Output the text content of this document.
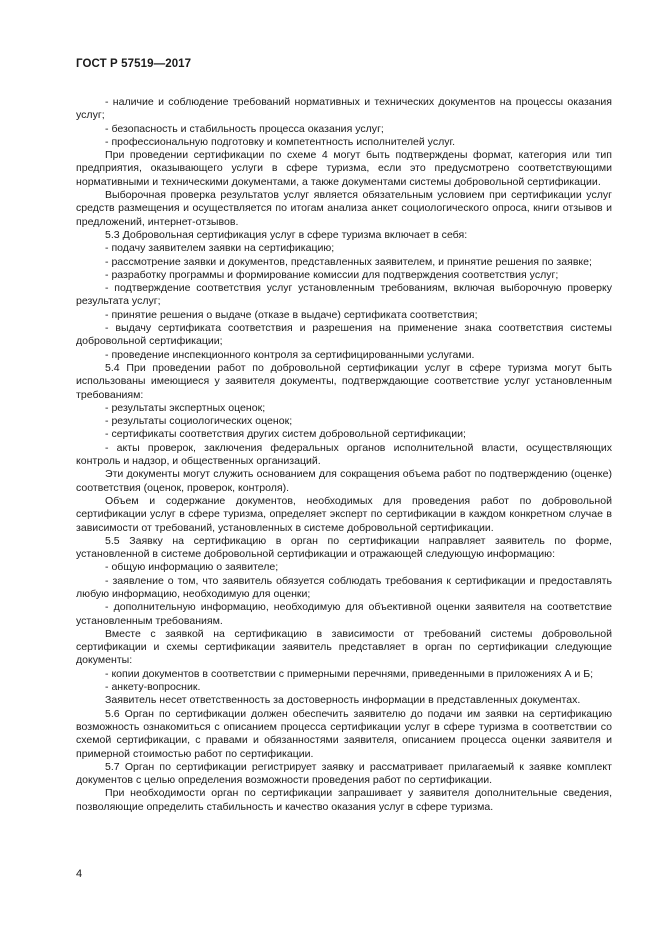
ГОСТ Р 57519—2017

- наличие и соблюдение требований нормативных и технических документов на процессы оказания услуг;

- безопасность и стабильность процесса оказания услуг;

- профессиональную подготовку и компетентность исполнителей услуг.

При проведении сертификации по схеме 4 могут быть подтверждены формат, категория или тип предприятия, оказывающего услуги в сфере туризма, если это предусмотрено соответствующими нормативными и техническими документами, а также документами системы добровольной сертификации.

Выборочная проверка результатов услуг является обязательным условием при сертификации услуг средств размещения и осуществляется по итогам анализа анкет социологического опроса, книги отзывов и предложений, интернет-отзывов.

5.3 Добровольная сертификация услуг в сфере туризма включает в себя:

- подачу заявителем заявки на сертификацию;

- рассмотрение заявки и документов, представленных заявителем, и принятие решения по заявке;

- разработку программы и формирование комиссии для подтверждения соответствия услуг;

- подтверждение соответствия услуг установленным требованиям, включая выборочную проверку результата услуг;

- принятие решения о выдаче (отказе в выдаче) сертификата соответствия;

- выдачу сертификата соответствия и разрешения на применение знака соответствия системы добровольной сертификации;

- проведение инспекционного контроля за сертифицированными услугами.

5.4 При проведении работ по добровольной сертификации услуг в сфере туризма могут быть использованы имеющиеся у заявителя документы, подтверждающие соответствие услуг установленным требованиям:

- результаты экспертных оценок;

- результаты социологических оценок;

- сертификаты соответствия других систем добровольной сертификации;

- акты проверок, заключения федеральных органов исполнительной власти, осуществляющих контроль и надзор, и общественных организаций.

Эти документы могут служить основанием для сокращения объема работ по подтверждению (оценке) соответствия (оценок, проверок, контроля).

Объем и содержание документов, необходимых для проведения работ по добровольной сертификации услуг в сфере туризма, определяет эксперт по сертификации в каждом конкретном случае в зависимости от требований, установленных в системе добровольной сертификации.

5.5 Заявку на сертификацию в орган по сертификации направляет заявитель по форме, установленной в системе добровольной сертификации и отражающей следующую информацию:

- общую информацию о заявителе;

- заявление о том, что заявитель обязуется соблюдать требования к сертификации и предоставлять любую информацию, необходимую для оценки;

- дополнительную информацию, необходимую для объективной оценки заявителя на соответствие установленным требованиям.

Вместе с заявкой на сертификацию в зависимости от требований системы добровольной сертификации и схемы сертификации заявитель представляет в орган по сертификации следующие документы:

- копии документов в соответствии с примерными перечнями, приведенными в приложениях А и Б;

- анкету-вопросник.

Заявитель несет ответственность за достоверность информации в представленных документах.

5.6 Орган по сертификации должен обеспечить заявителю до подачи им заявки на сертификацию возможность ознакомиться с описанием процесса сертификации услуг в сфере туризма в соответствии со схемой сертификации, с правами и обязанностями заявителя, описанием процесса оценки заявителя и примерной стоимостью работ по сертификации.

5.7 Орган по сертификации регистрирует заявку и рассматривает прилагаемый к заявке комплект документов с целью определения возможности проведения работ по сертификации.

При необходимости орган по сертификации запрашивает у заявителя дополнительные сведения, позволяющие определить стабильность и качество оказания услуг в сфере туризма.

4
